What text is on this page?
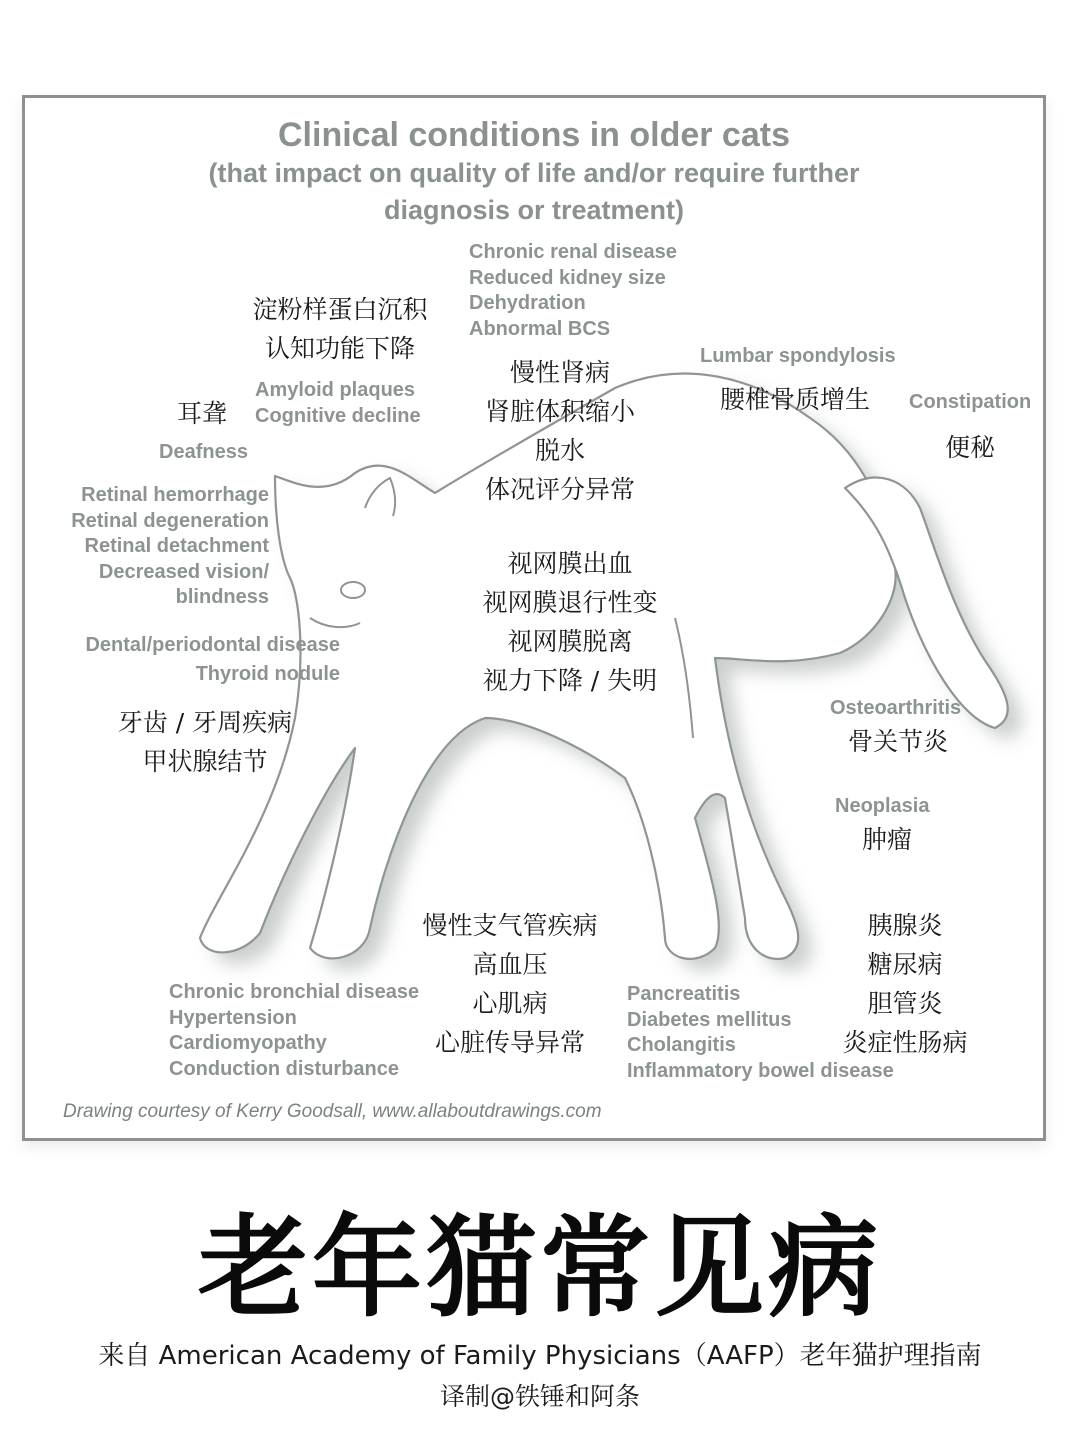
Clinical conditions in older cats
(that impact on quality of life and/or require further
diagnosis or treatment)
Chronic renal disease
Reduced kidney size
Dehydration
Abnormal BCS
慢性肾病
肾脏体积缩小
脱水
体况评分异常
淀粉样蛋白沉积
认知功能下降
Amyloid plaques
Cognitive decline
耳聋
Deafness
Lumbar spondylosis
腰椎骨质增生 Constipation
便秘
Retinal hemorrhage
Retinal degeneration
Retinal detachment
Decreased vision/
blindness
视网膜出血
视网膜退行性变
视网膜脱离
视力下降 / 失明
Dental/periodontal disease
Thyroid nodule
牙齿 / 牙周疾病
甲状腺结节
Osteoarthritis
骨关节炎
Neoplasia
肿瘤
慢性支气管疾病
高血压
心肌病
心脏传导异常
Chronic bronchial disease
Hypertension
Cardiomyopathy
Conduction disturbance
Pancreatitis
Diabetes mellitus
Cholangitis
Inflammatory bowel disease
胰腺炎
糖尿病
胆管炎
炎症性肠病
Drawing courtesy of Kerry Goodsall, www.allaboutdrawings.com
老年猫常见病
来自 American Academy of Family Physicians（AAFP）老年猫护理指南
译制@铁锤和阿条
